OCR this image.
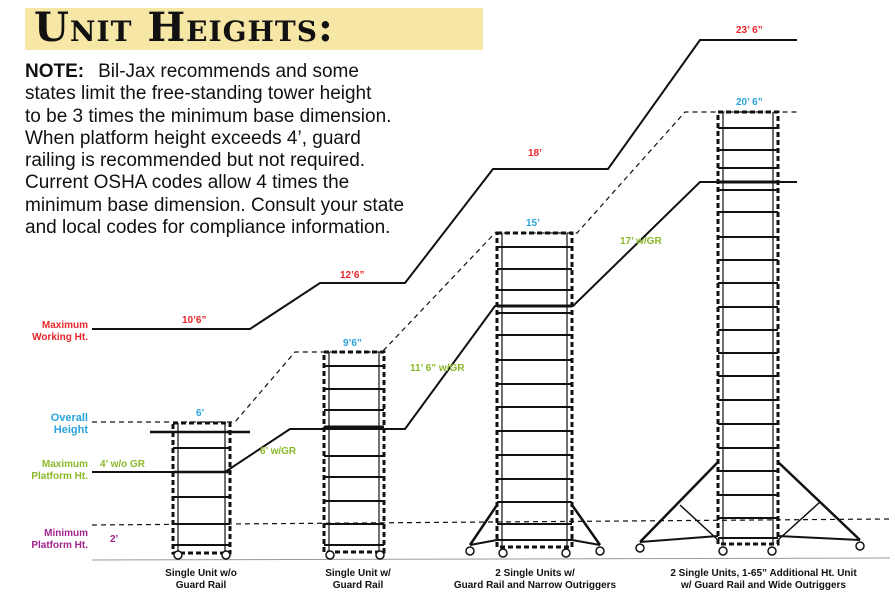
Unit Heights:

NOTE: Bil-Jax recommends and some

states limit the free-standing tower height

to be 3 times the minimum base dimension.

When platform height exceeds 4’, guard

railing is recommended but not required.

Current OSHA codes allow 4 times the

minimum base dimension. Consult your state

and local codes for compliance information.

Maximum
Working Ht.
Overall
Height
Maximum
Platform Ht.
Minimum
Platform Ht.
10’6”
12’6”
18’
23’ 6”
6’
9’6”
15’
20’ 6”
4’ w/o GR
6’ w/GR
11’ 6” w/GR
17’ w/GR
2’
Single Unit w/o
Guard Rail
Single Unit w/
Guard Rail
2 Single Units w/
Guard Rail and Narrow Outriggers
2 Single Units, 1-65” Additional Ht. Unit
w/ Guard Rail and Wide Outriggers
